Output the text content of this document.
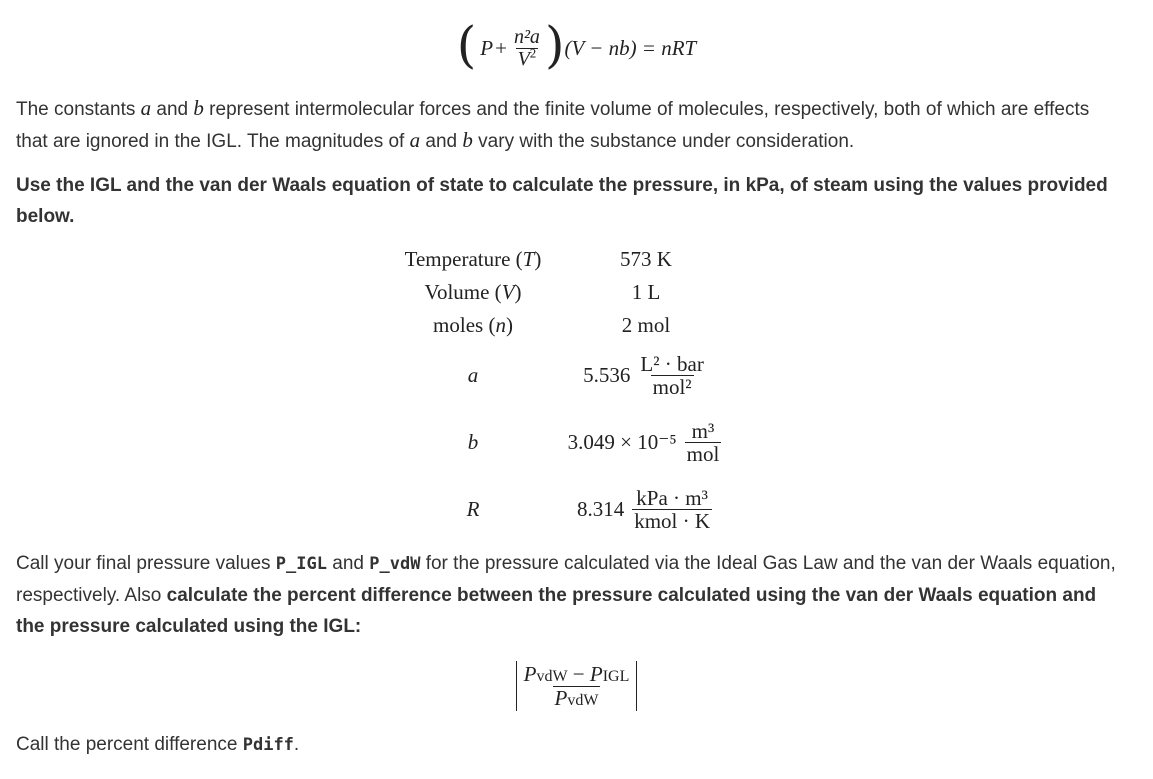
( $P + \frac{\text{n²a}}{V^2}$ ) (V − nb) = nRT

The constants a and b represent intermolecular forces and the finite volume of molecules, respectively, both of which are effects that are ignored in the IGL. The magnitudes of a and b vary with the substance under consideration.

Use the IGL and the van der Waals equation of state to calculate the pressure, in kPa, of steam using the values provided below.

Temperature (T)	573 K
Volume (V)	1 L
moles (n)	2 mol
a	$5.536 \frac{\text{L² · bar}}{\text{mol²}}$

b	$3.049 \times 10^{-5} \frac{\text{m³}}{\text{mol}}$

R	$8.314 \frac{\text{kPa · m³}}{\text{kmol · K}}$

Call your final pressure values P_IGL and P_vdW for the pressure calculated via the Ideal Gas Law and the van der Waals equation, respectively. Also calculate the percent difference between the pressure calculated using the van der Waals equation and the pressure calculated using the IGL:

$\frac{\text{PvdW − PIGL}}{\text{PvdW}}$

Call the percent difference Pdiff.
